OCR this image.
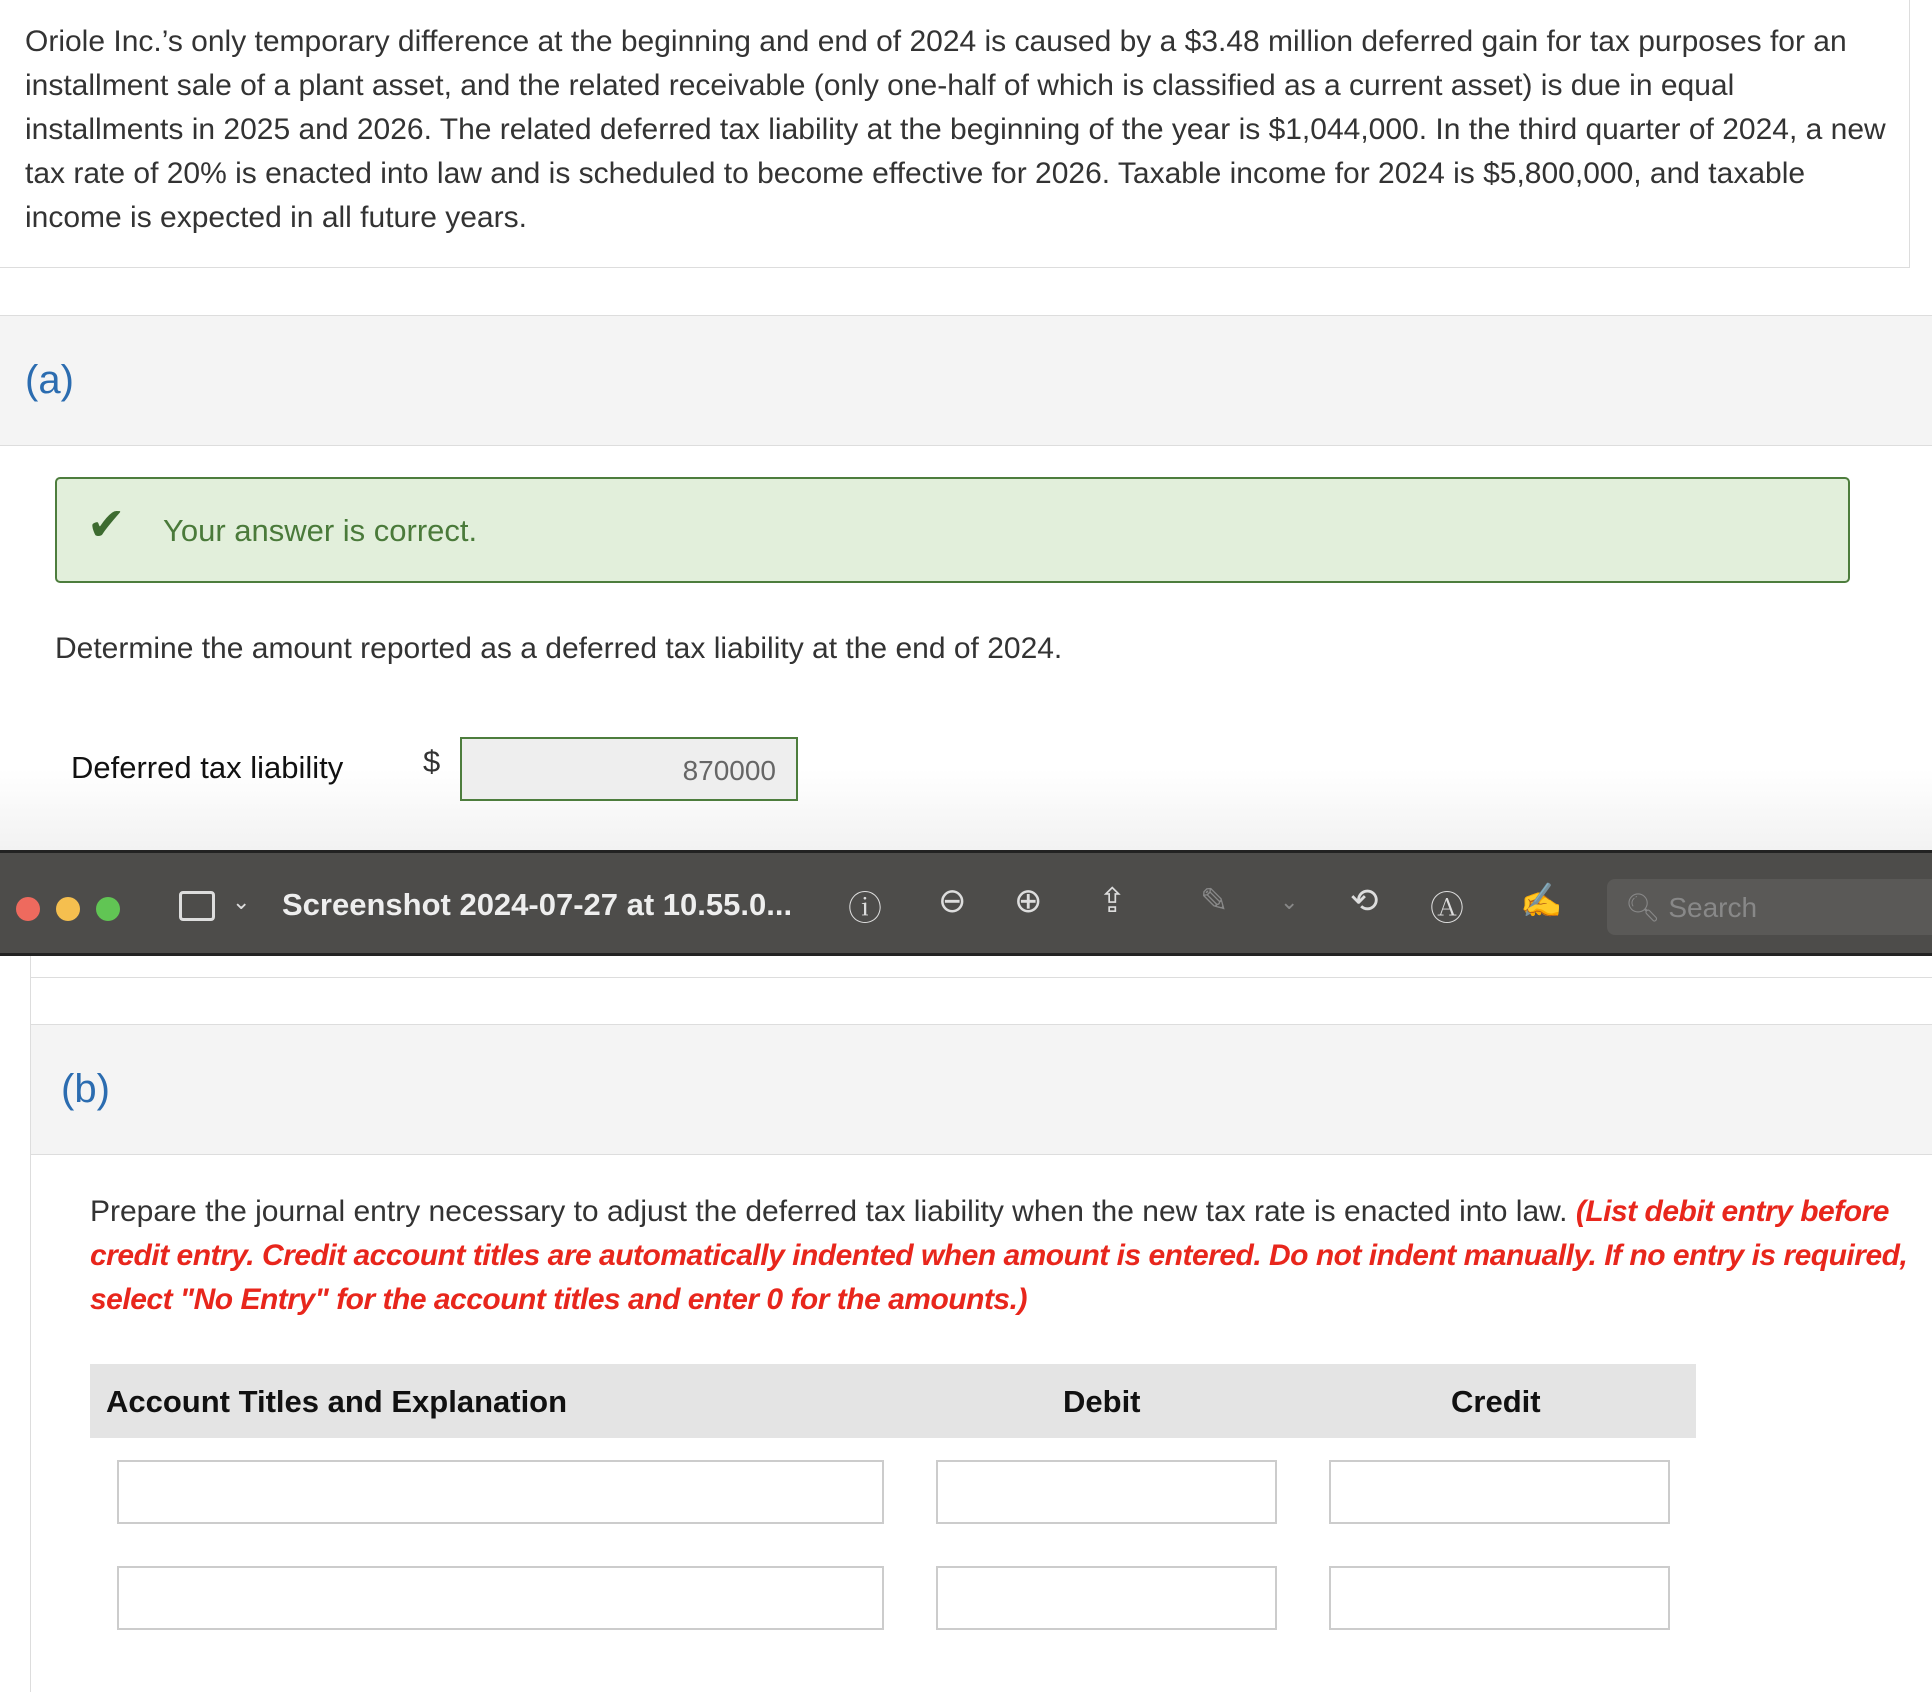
Oriole Inc.’s only temporary difference at the beginning and end of 2024 is caused by a $3.48 million deferred gain for tax purposes for an installment sale of a plant asset, and the related receivable (only one-half of which is classified as a current asset) is due in equal installments in 2025 and 2026. The related deferred tax liability at the beginning of the year is $1,044,000. In the third quarter of 2024, a new tax rate of 20% is enacted into law and is scheduled to become effective for 2026. Taxable income for 2024 is $5,800,000, and taxable income is expected in all future years.

(a)
✔ Your answer is correct.
Determine the amount reported as a deferred tax liability at the end of 2024.
Deferred tax liability	$	870000
⌄ Screenshot 2024-07-27 at 10.55.0... ⓘ ⊖ ⊕ ⇪ ✎ ⌄ ⟲ Ⓐ ✍	🔍︎ Search
(b)
Prepare the journal entry necessary to adjust the deferred tax liability when the new tax rate is enacted into law. (List debit entry before credit entry. Credit account titles are automatically indented when amount is entered. Do not indent manually. If no entry is required, select "No Entry" for the account titles and enter 0 for the amounts.)
Account Titles and Explanation	Debit	Credit
